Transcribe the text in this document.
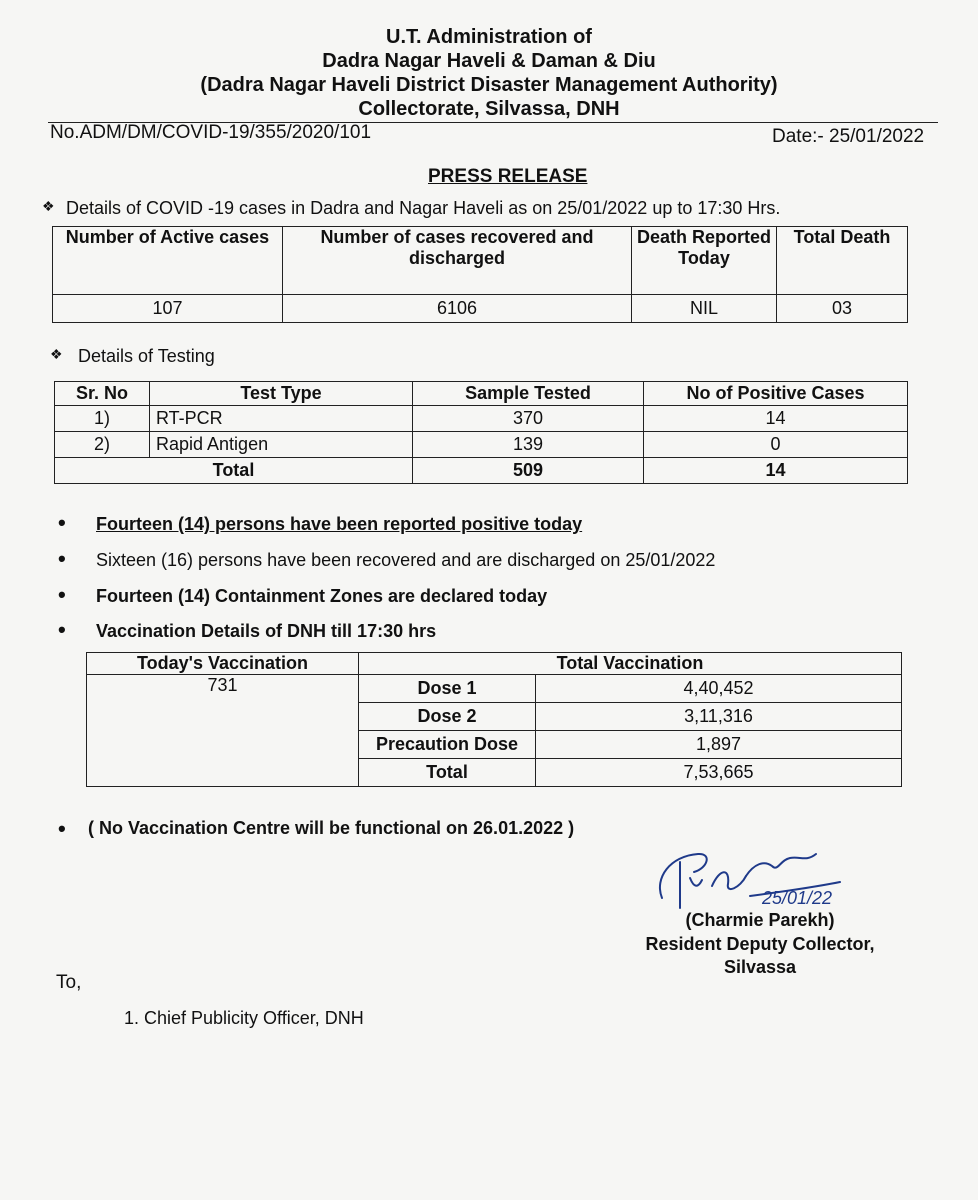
U.T. Administration of
Dadra Nagar Haveli & Daman & Diu
(Dadra Nagar Haveli District Disaster Management Authority)
Collectorate, Silvassa, DNH
No.ADM/DM/COVID-19/355/2020/101	Date:- 25/01/2022
PRESS RELEASE
❖ Details of COVID -19 cases in Dadra and Nagar Haveli as on 25/01/2022 up to 17:30 Hrs.
Number of Active cases	Number of cases recovered and discharged	Death Reported Today	Total Death
107	6106	NIL	03
❖ Details of Testing
Sr. No	Test Type	Sample Tested	No of Positive Cases
1)	RT-PCR	370	14
2)	Rapid Antigen	139	0
Total		509	14
• Fourteen (14) persons have been reported positive today
• Sixteen (16) persons have been recovered and are discharged on 25/01/2022
• Fourteen (14) Containment Zones are declared today
• Vaccination Details of DNH till 17:30 hrs
Today's Vaccination	Total Vaccination	
731	Dose 1	4,40,452
	Dose 2	3,11,316
	Precaution Dose	1,897
	Total	7,53,665
• ( No Vaccination Centre will be functional on 26.01.2022 )
25/01/22
(Charmie Parekh)
Resident Deputy Collector,
Silvassa
To,
1. Chief Publicity Officer, DNH
